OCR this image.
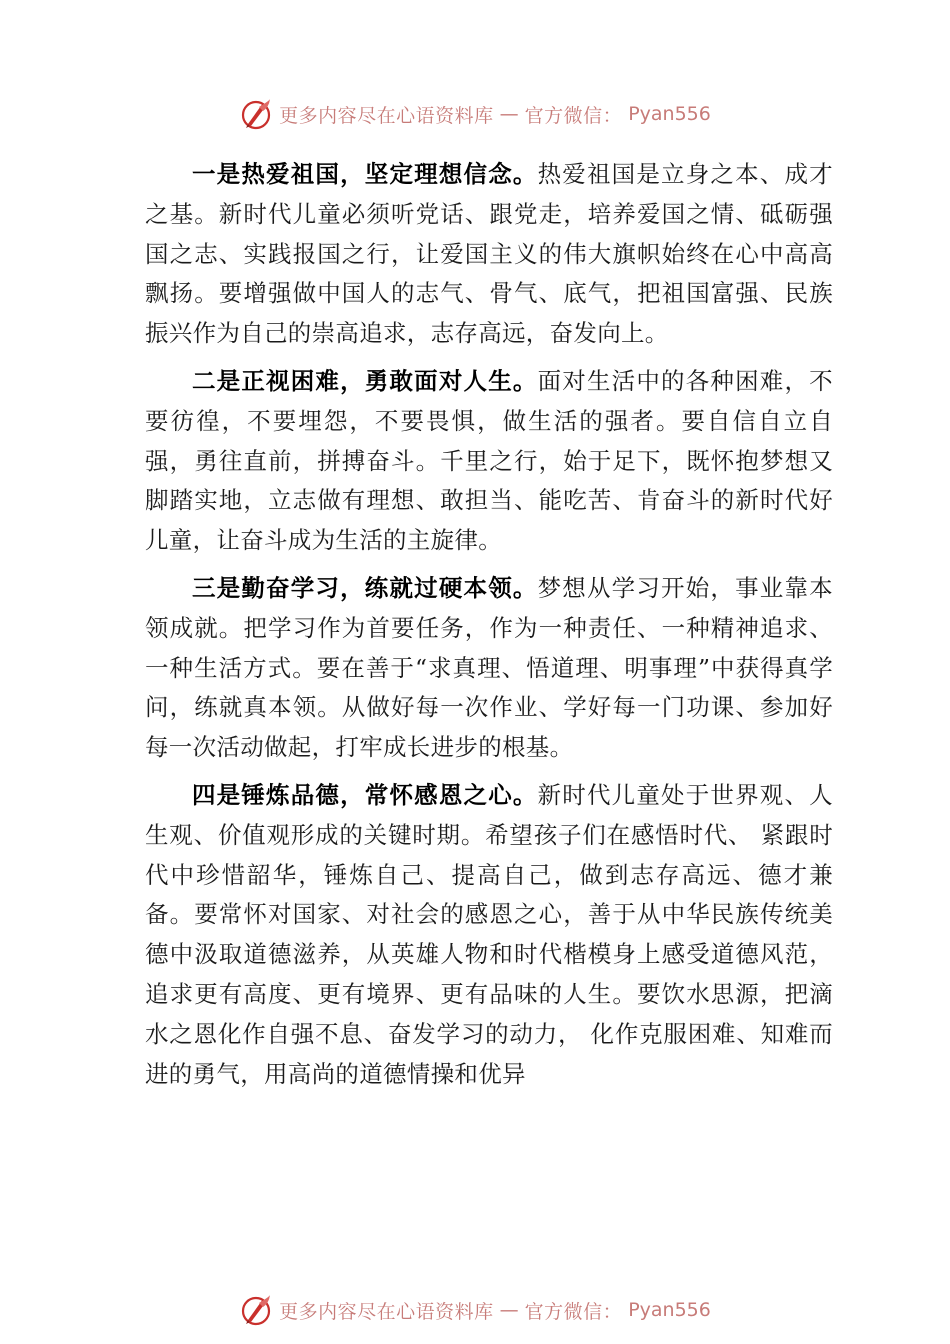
更多内容尽在心语资料库 — 官方微信： Pyan556

一是热爱祖国，坚定理想信念。热爱祖国是立身之本、成才之基。新时代儿童必须听党话、跟党走，培养爱国之情、砥砺强国之志、实践报国之行，让爱国主义的伟大旗帜始终在心中高高飘扬。要增强做中国人的志气、骨气、底气，把祖国富强、民族振兴作为自己的崇高追求，志存高远，奋发向上。

二是正视困难，勇敢面对人生。面对生活中的各种困难，不要彷徨，不要埋怨，不要畏惧，做生活的强者。要自信自立自强，勇往直前，拼搏奋斗。千里之行，始于足下，既怀抱梦想又脚踏实地，立志做有理想、敢担当、能吃苦、肯奋斗的新时代好儿童，让奋斗成为生活的主旋律。

三是勤奋学习，练就过硬本领。梦想从学习开始，事业靠本领成就。把学习作为首要任务，作为一种责任、一种精神追求、一种生活方式。要在善于“求真理、悟道理、明事理”中获得真学问，练就真本领。从做好每一次作业、学好每一门功课、参加好每一次活动做起，打牢成长进步的根基。

四是锤炼品德，常怀感恩之心。新时代儿童处于世界观、人生观、价值观形成的关键时期。希望孩子们在感悟时代、 紧跟时代中珍惜韶华，锤炼自己、提高自己，做到志存高远、德才兼备。要常怀对国家、对社会的感恩之心，善于从中华民族传统美德中汲取道德滋养，从英雄人物和时代楷模身上感受道德风范，追求更有高度、更有境界、更有品味的人生。要饮水思源，把滴水之恩化作自强不息、奋发学习的动力， 化作克服困难、知难而进的勇气，用高尚的道德情操和优异

更多内容尽在心语资料库 — 官方微信： Pyan556
